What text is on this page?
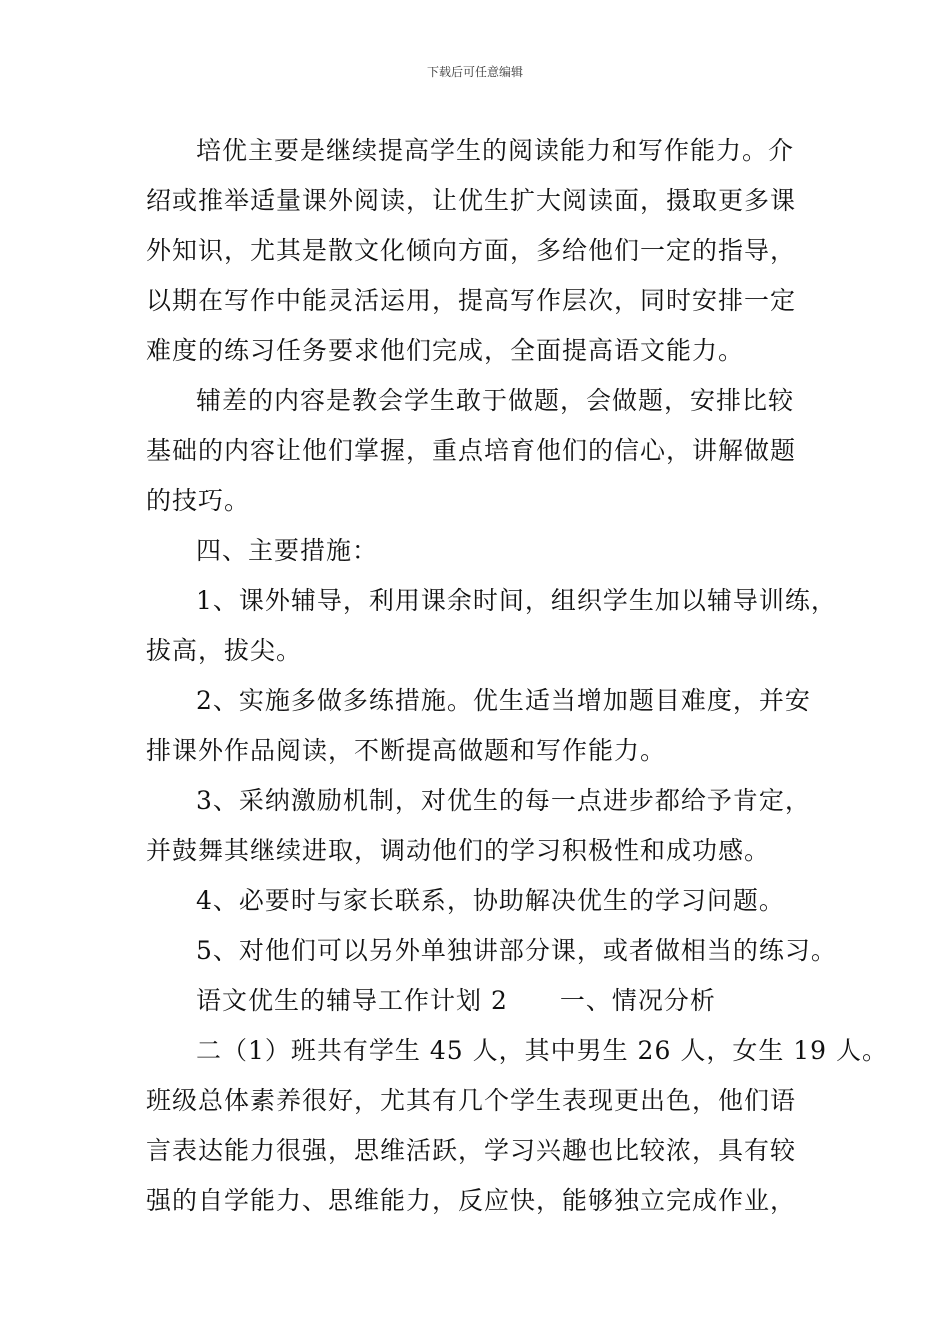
下载后可任意编辑

培优主要是继续提高学生的阅读能力和写作能力。介

绍或推举适量课外阅读，让优生扩大阅读面，摄取更多课

外知识，尤其是散文化倾向方面，多给他们一定的指导，

以期在写作中能灵活运用，提高写作层次，同时安排一定

难度的练习任务要求他们完成，全面提高语文能力。

辅差的内容是教会学生敢于做题，会做题，安排比较

基础的内容让他们掌握，重点培育他们的信心，讲解做题

的技巧。

四、主要措施：

1、课外辅导，利用课余时间，组织学生加以辅导训练，

拔高，拔尖。

2、实施多做多练措施。优生适当增加题目难度，并安

排课外作品阅读，不断提高做题和写作能力。

3、采纳激励机制，对优生的每一点进步都给予肯定，

并鼓舞其继续进取，调动他们的学习积极性和成功感。

4、必要时与家长联系，协助解决优生的学习问题。

5、对他们可以另外单独讲部分课，或者做相当的练习。

语文优生的辅导工作计划 2　　一、情况分析

二（1）班共有学生 45 人，其中男生 26 人，女生 19 人。

班级总体素养很好，尤其有几个学生表现更出色，他们语

言表达能力很强，思维活跃，学习兴趣也比较浓，具有较

强的自学能力、思维能力，反应快，能够独立完成作业，
